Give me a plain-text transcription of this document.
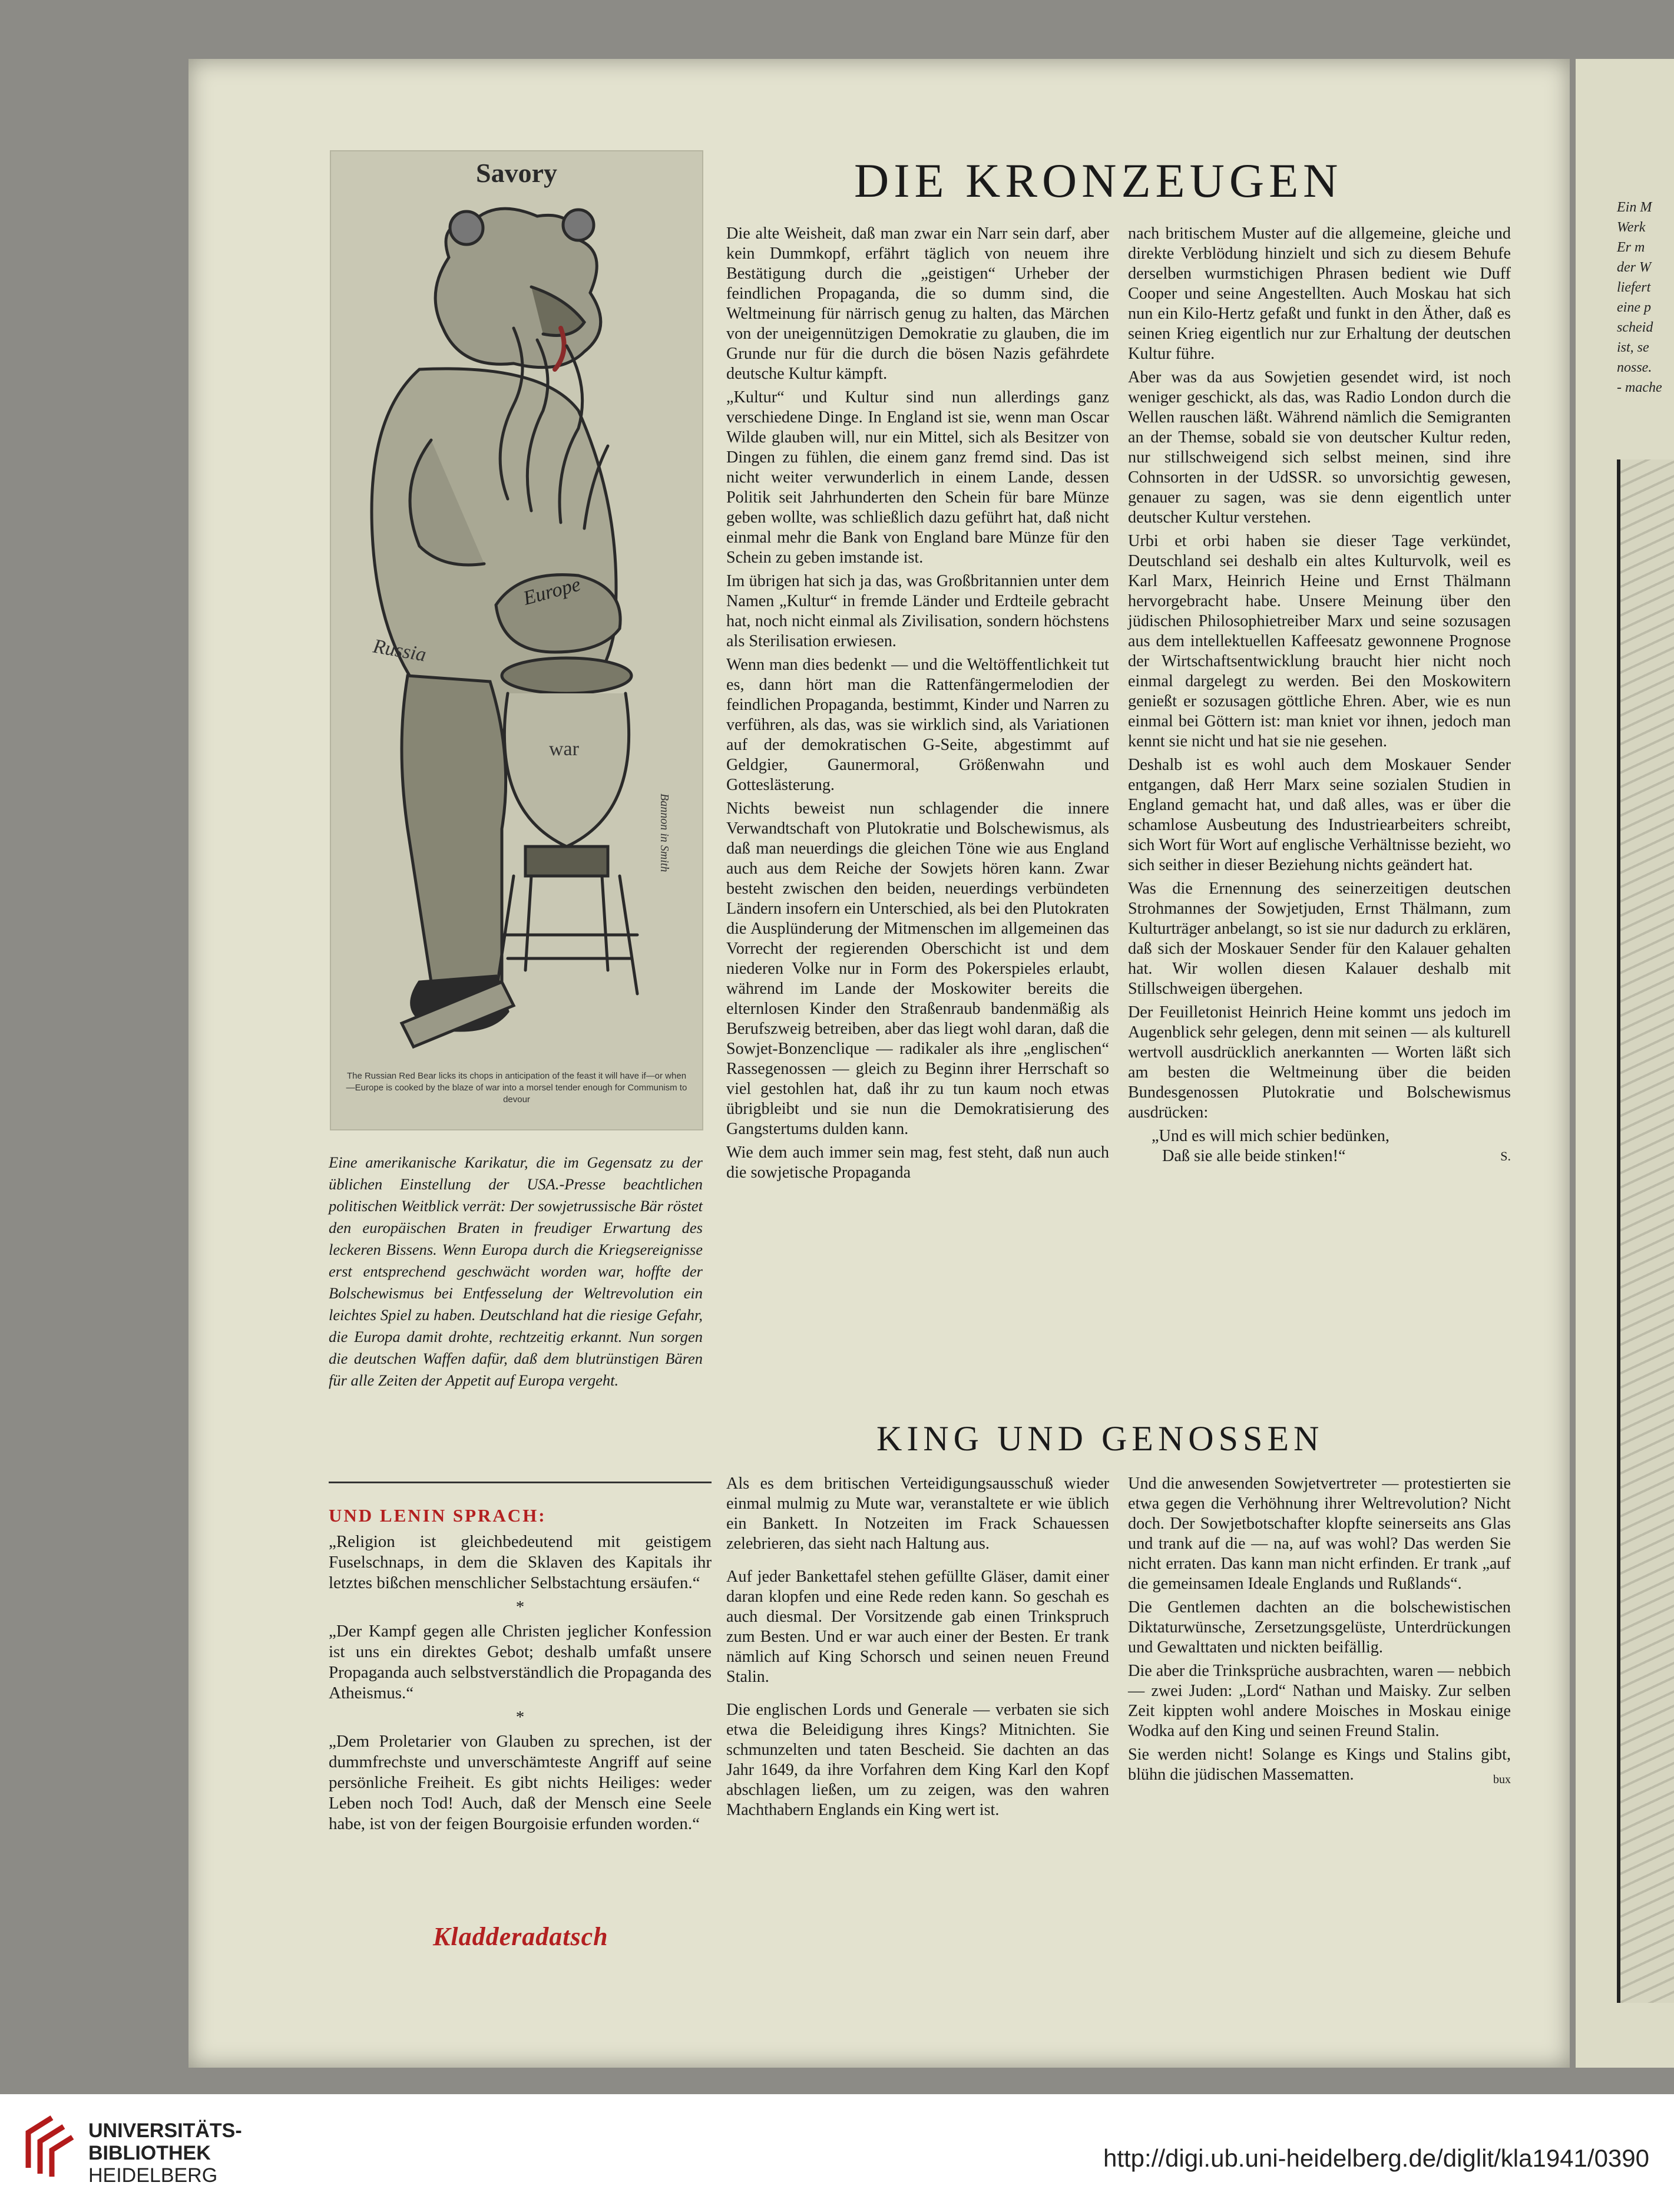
Ein M
Werk
Er m
der W
liefert
eine p
scheid
ist, se
nosse.
- mache
Savory
Russia
Europe
war
Bannon in Smith
The Russian Red Bear licks its chops in anticipation of the feast it will have if—or when—Europe is cooked by the blaze of war into a morsel tender enough for Communism to devour
Eine amerikanische Karikatur, die im Gegensatz zu der üblichen Einstellung der USA.-Presse beachtlichen politischen Weitblick verrät: Der sowjetrussische Bär röstet den europäischen Braten in freudiger Erwartung des leckeren Bissens. Wenn Europa durch die Kriegsereignisse erst entsprechend geschwächt worden war, hoffte der Bolschewismus bei Entfesselung der Weltrevolution ein leichtes Spiel zu haben. Deutschland hat die riesige Gefahr, die Europa damit drohte, rechtzeitig erkannt. Nun sorgen die deutschen Waffen dafür, daß dem blutrünstigen Bären für alle Zeiten der Appetit auf Europa vergeht.
UND LENIN SPRACH:

„Religion ist gleichbedeutend mit geistigem Fuselschnaps, in dem die Sklaven des Kapitals ihr letztes bißchen menschlicher Selbstachtung ersäufen.“

*

„Der Kampf gegen alle Christen jeglicher Konfession ist uns ein direktes Gebot; deshalb umfaßt unsere Propaganda auch selbstverständlich die Propaganda des Atheismus.“

*

„Dem Proletarier von Glauben zu sprechen, ist der dummfrechste und unverschämteste Angriff auf seine persönliche Freiheit. Es gibt nichts Heiliges: weder Leben noch Tod! Auch, daß der Mensch eine Seele habe, ist von der feigen Bourgoisie erfunden worden.“

Kladderadatsch
DIE KRONZEUGEN

Die alte Weisheit, daß man zwar ein Narr sein darf, aber kein Dummkopf, erfährt täglich von neuem ihre Bestätigung durch die „geistigen“ Urheber der feindlichen Propaganda, die so dumm sind, die Weltmeinung für närrisch genug zu halten, das Märchen von der uneigennützigen Demokratie zu glauben, die im Grunde nur für die durch die bösen Nazis gefährdete deutsche Kultur kämpft.

„Kultur“ und Kultur sind nun allerdings ganz verschiedene Dinge. In England ist sie, wenn man Oscar Wilde glauben will, nur ein Mittel, sich als Besitzer von Dingen zu fühlen, die einem ganz fremd sind. Das ist nicht weiter verwunderlich in einem Lande, dessen Politik seit Jahrhunderten den Schein für bare Münze geben wollte, was schließlich dazu geführt hat, daß nicht einmal mehr die Bank von England bare Münze für den Schein zu geben imstande ist.

Im übrigen hat sich ja das, was Großbritannien unter dem Namen „Kultur“ in fremde Länder und Erdteile gebracht hat, noch nicht einmal als Zivilisation, sondern höchstens als Sterilisation erwiesen.

Wenn man dies bedenkt — und die Weltöffentlichkeit tut es, dann hört man die Rattenfängermelodien der feindlichen Propaganda, bestimmt, Kinder und Narren zu verführen, als das, was sie wirklich sind, als Variationen auf der demokratischen G-Seite, abgestimmt auf Geldgier, Gaunermoral, Größenwahn und Gotteslästerung.

Nichts beweist nun schlagender die innere Verwandtschaft von Plutokratie und Bolschewismus, als daß man neuerdings die gleichen Töne wie aus England auch aus dem Reiche der Sowjets hören kann. Zwar besteht zwischen den beiden, neuerdings verbündeten Ländern insofern ein Unterschied, als bei den Plutokraten die Ausplünderung der Mitmenschen im allgemeinen das Vorrecht der regierenden Oberschicht ist und dem niederen Volke nur in Form des Pokerspieles erlaubt, während im Lande der Moskowiter bereits die elternlosen Kinder den Straßenraub bandenmäßig als Berufszweig betreiben, aber das liegt wohl daran, daß die Sowjet-Bonzenclique — radikaler als ihre „englischen“ Rassegenossen — gleich zu Beginn ihrer Herrschaft so viel gestohlen hat, daß ihr zu tun kaum noch etwas übrigbleibt und sie nun die Demokratisierung des Gangstertums dulden kann.

Wie dem auch immer sein mag, fest steht, daß nun auch die sowjetische Propaganda

nach britischem Muster auf die allgemeine, gleiche und direkte Verblödung hinzielt und sich zu diesem Behufe derselben wurmstichigen Phrasen bedient wie Duff Cooper und seine Angestellten. Auch Moskau hat sich nun ein Kilo-Hertz gefaßt und funkt in den Äther, daß es seinen Krieg eigentlich nur zur Erhaltung der deutschen Kultur führe.

Aber was da aus Sowjetien gesendet wird, ist noch weniger geschickt, als das, was Radio London durch die Wellen rauschen läßt. Während nämlich die Semigranten an der Themse, sobald sie von deutscher Kultur reden, nur stillschweigend sich selbst meinen, sind ihre Cohnsorten in der UdSSR. so unvorsichtig gewesen, genauer zu sagen, was sie denn eigentlich unter deutscher Kultur verstehen.

Urbi et orbi haben sie dieser Tage verkündet, Deutschland sei deshalb ein altes Kulturvolk, weil es Karl Marx, Heinrich Heine und Ernst Thälmann hervorgebracht habe. Unsere Meinung über den jüdischen Philosophietreiber Marx und seine sozusagen aus dem intellektuellen Kaffeesatz gewonnene Prognose der Wirtschaftsentwicklung braucht hier nicht noch einmal dargelegt zu werden. Bei den Moskowitern genießt er sozusagen göttliche Ehren. Aber, wie es nun einmal bei Göttern ist: man kniet vor ihnen, jedoch man kennt sie nicht und hat sie nie gesehen.

Deshalb ist es wohl auch dem Moskauer Sender entgangen, daß Herr Marx seine sozialen Studien in England gemacht hat, und daß alles, was er über die schamlose Ausbeutung des Industriearbeiters schreibt, sich Wort für Wort auf englische Verhältnisse bezieht, wo sich seither in dieser Beziehung nichts geändert hat.

Was die Ernennung des seinerzeitigen deutschen Strohmannes der Sowjetjuden, Ernst Thälmann, zum Kulturträger anbelangt, so ist sie nur dadurch zu erklären, daß sich der Moskauer Sender für den Kalauer gehalten hat. Wir wollen diesen Kalauer deshalb mit Stillschweigen übergehen.

Der Feuilletonist Heinrich Heine kommt uns jedoch im Augenblick sehr gelegen, denn mit seinen — als kulturell wertvoll ausdrücklich anerkannten — Worten läßt sich am besten die Weltmeinung über die beiden Bundesgenossen Plutokratie und Bolschewismus ausdrücken:

„Und es will mich schier bedünken,
Daß sie alle beide stinken!“	S.
KING UND GENOSSEN

Als es dem britischen Verteidigungsausschuß wieder einmal mulmig zu Mute war, veranstaltete er wie üblich ein Bankett. In Notzeiten im Frack Schauessen zelebrieren, das sieht nach Haltung aus.

Auf jeder Bankettafel stehen gefüllte Gläser, damit einer daran klopfen und eine Rede reden kann. So geschah es auch diesmal. Der Vorsitzende gab einen Trinkspruch zum Besten. Und er war auch einer der Besten. Er trank nämlich auf King Schorsch und seinen neuen Freund Stalin.

Die englischen Lords und Generale — verbaten sie sich etwa die Beleidigung ihres Kings? Mitnichten. Sie schmunzelten und taten Bescheid. Sie dachten an das Jahr 1649, da ihre Vorfahren dem King Karl den Kopf abschlagen ließen, um zu zeigen, was den wahren Machthabern Englands ein King wert ist.

Und die anwesenden Sowjetvertreter — protestierten sie etwa gegen die Verhöhnung ihrer Weltrevolution? Nicht doch. Der Sowjetbotschafter klopfte seinerseits ans Glas und trank auf die — na, auf was wohl? Das werden Sie nicht erraten. Das kann man nicht erfinden. Er trank „auf die gemeinsamen Ideale Englands und Rußlands“.

Die Gentlemen dachten an die bolschewistischen Diktaturwünsche, Zersetzungsgelüste, Unterdrückungen und Gewalttaten und nickten beifällig.

Die aber die Trinksprüche ausbrachten, waren — nebbich — zwei Juden: „Lord“ Nathan und Maisky. Zur selben Zeit kippten wohl andere Moisches in Moskau einige Wodka auf den King und seinen Freund Stalin.

Sie werden nicht! Solange es Kings und Stalins gibt, blühn die jüdischen Massematten.	bux

UNIVERSITÄTS-
BIBLIOTHEK
HEIDELBERG
http://digi.ub.uni-heidelberg.de/diglit/kla1941/0390
